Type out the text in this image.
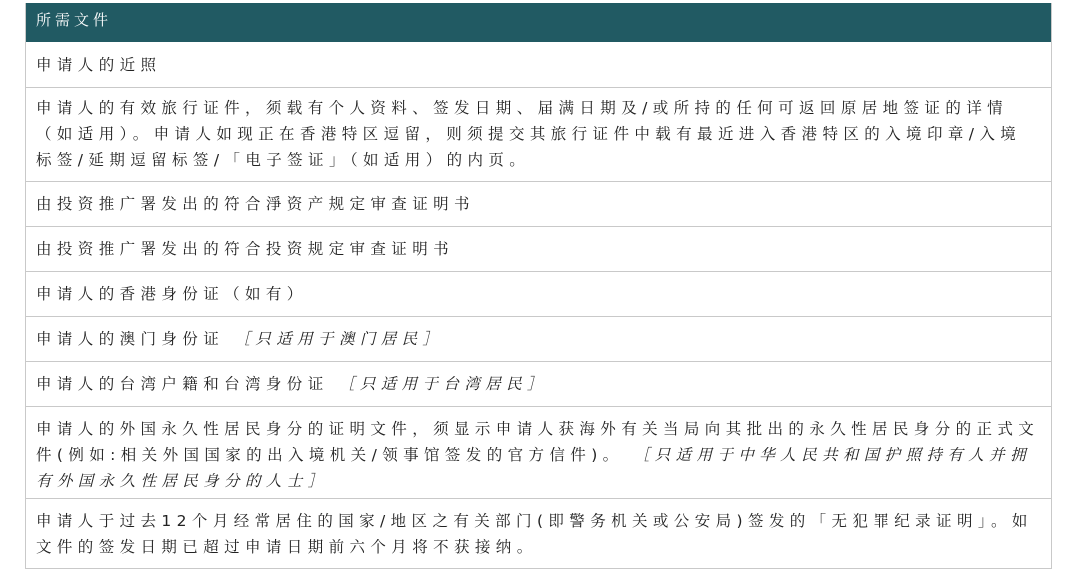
所需文件
申请人的近照
申请人的有效旅行证件，须载有个人资料、签发日期、届满日期及/或所持的任何可返回原居地签证的详情（如适用）。申请人如现正在香港特区逗留，则须提交其旅行证件中载有最近进入香港特区的入境印章/入境标签/延期逗留标签/「电子签证」（如适用）的内页。
由投资推广署发出的符合淨资产规定审查证明书
由投资推广署发出的符合投资规定审查证明书
申请人的香港身份证（如有）
申请人的澳门身份证 ［只适用于澳门居民］
申请人的台湾户籍和台湾身份证 ［只适用于台湾居民］
申请人的外国永久性居民身分的证明文件，须显示申请人获海外有关当局向其批出的永久性居民身分的正式文件(例如:相关外国国家的出入境机关/领事馆签发的官方信件)。 ［只适用于中华人民共和国护照持有人并拥有外国永久性居民身分的人士］
申请人于过去12个月经常居住的国家/地区之有关部门(即警务机关或公安局)签发的「无犯罪纪录证明」。如文件的签发日期已超过申请日期前六个月将不获接纳。
